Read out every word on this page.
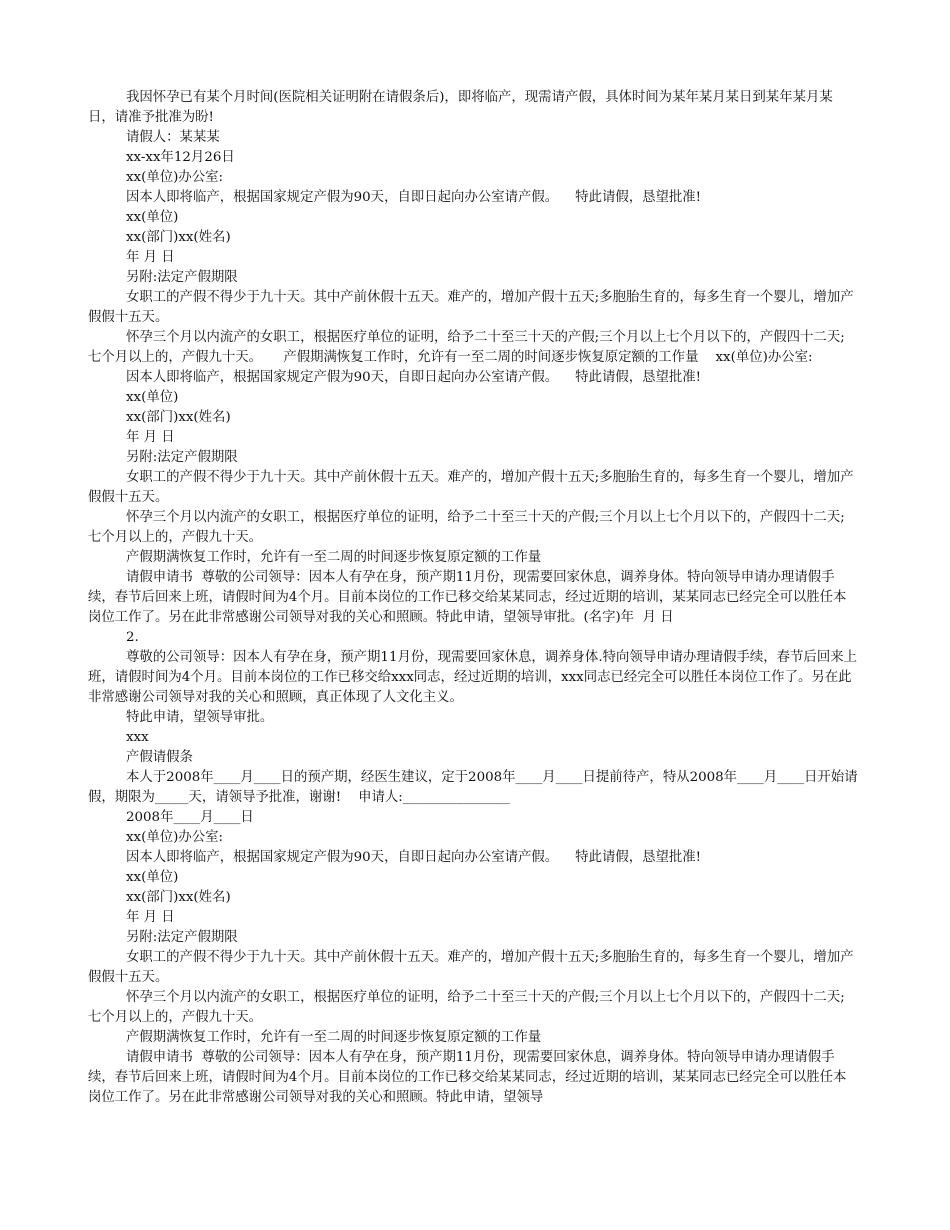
我因怀孕已有某个月时间(医院相关证明附在请假条后)，即将临产，现需请产假，具体时间为某年某月某日到某年某月某日，请准予批准为盼!

请假人：某某某

xx-xx年12月26日

xx(单位)办公室:

因本人即将临产，根据国家规定产假为90天，自即日起向办公室请产假。    特此请假，恳望批准!

xx(单位)

xx(部门)xx(姓名)

年 月 日

另附:法定产假期限

女职工的产假不得少于九十天。其中产前休假十五天。难产的，增加产假十五天;多胞胎生育的，每多生育一个婴儿，增加产假假十五天。

怀孕三个月以内流产的女职工，根据医疗单位的证明，给予二十至三十天的产假;三个月以上七个月以下的，产假四十二天;七个月以上的，产假九十天。     产假期满恢复工作时，允许有一至二周的时间逐步恢复原定额的工作量    xx(单位)办公室:

因本人即将临产，根据国家规定产假为90天，自即日起向办公室请产假。    特此请假，恳望批准!

xx(单位)

xx(部门)xx(姓名)

年 月 日

另附:法定产假期限

女职工的产假不得少于九十天。其中产前休假十五天。难产的，增加产假十五天;多胞胎生育的，每多生育一个婴儿，增加产假假十五天。

怀孕三个月以内流产的女职工，根据医疗单位的证明，给予二十至三十天的产假;三个月以上七个月以下的，产假四十二天;七个月以上的，产假九十天。

产假期满恢复工作时，允许有一至二周的时间逐步恢复原定额的工作量

请假申请书  尊敬的公司领导：因本人有孕在身，预产期11月份，现需要回家休息，调养身体。特向领导申请办理请假手续，春节后回来上班，请假时间为4个月。目前本岗位的工作已移交给某某同志，经过近期的培训，某某同志已经完全可以胜任本岗位工作了。另在此非常感谢公司领导对我的关心和照顾。特此申请，望领导审批。(名字)年  月 日

2.

尊敬的公司领导：因本人有孕在身，预产期11月份，现需要回家休息，调养身体.特向领导申请办理请假手续，春节后回来上班，请假时间为4个月。目前本岗位的工作已移交给xxx同志，经过近期的培训，xxx同志已经完全可以胜任本岗位工作了。另在此非常感谢公司领导对我的关心和照顾，真正体现了人文化主义。

特此申请，望领导审批。

xxx

产假请假条

本人于2008年____月____日的预产期，经医生建议，定于2008年____月____日提前待产，特从2008年____月____日开始请假，期限为_____天，请领导予批准，谢谢!    申请人:________________

2008年____月____日

xx(单位)办公室:

因本人即将临产，根据国家规定产假为90天，自即日起向办公室请产假。    特此请假，恳望批准!

xx(单位)

xx(部门)xx(姓名)

年 月 日

另附:法定产假期限

女职工的产假不得少于九十天。其中产前休假十五天。难产的，增加产假十五天;多胞胎生育的，每多生育一个婴儿，增加产假假十五天。

怀孕三个月以内流产的女职工，根据医疗单位的证明，给予二十至三十天的产假;三个月以上七个月以下的，产假四十二天;七个月以上的，产假九十天。

产假期满恢复工作时，允许有一至二周的时间逐步恢复原定额的工作量

请假申请书  尊敬的公司领导：因本人有孕在身，预产期11月份，现需要回家休息，调养身体。特向领导申请办理请假手续，春节后回来上班，请假时间为4个月。目前本岗位的工作已移交给某某同志，经过近期的培训，某某同志已经完全可以胜任本岗位工作了。另在此非常感谢公司领导对我的关心和照顾。特此申请，望领导
